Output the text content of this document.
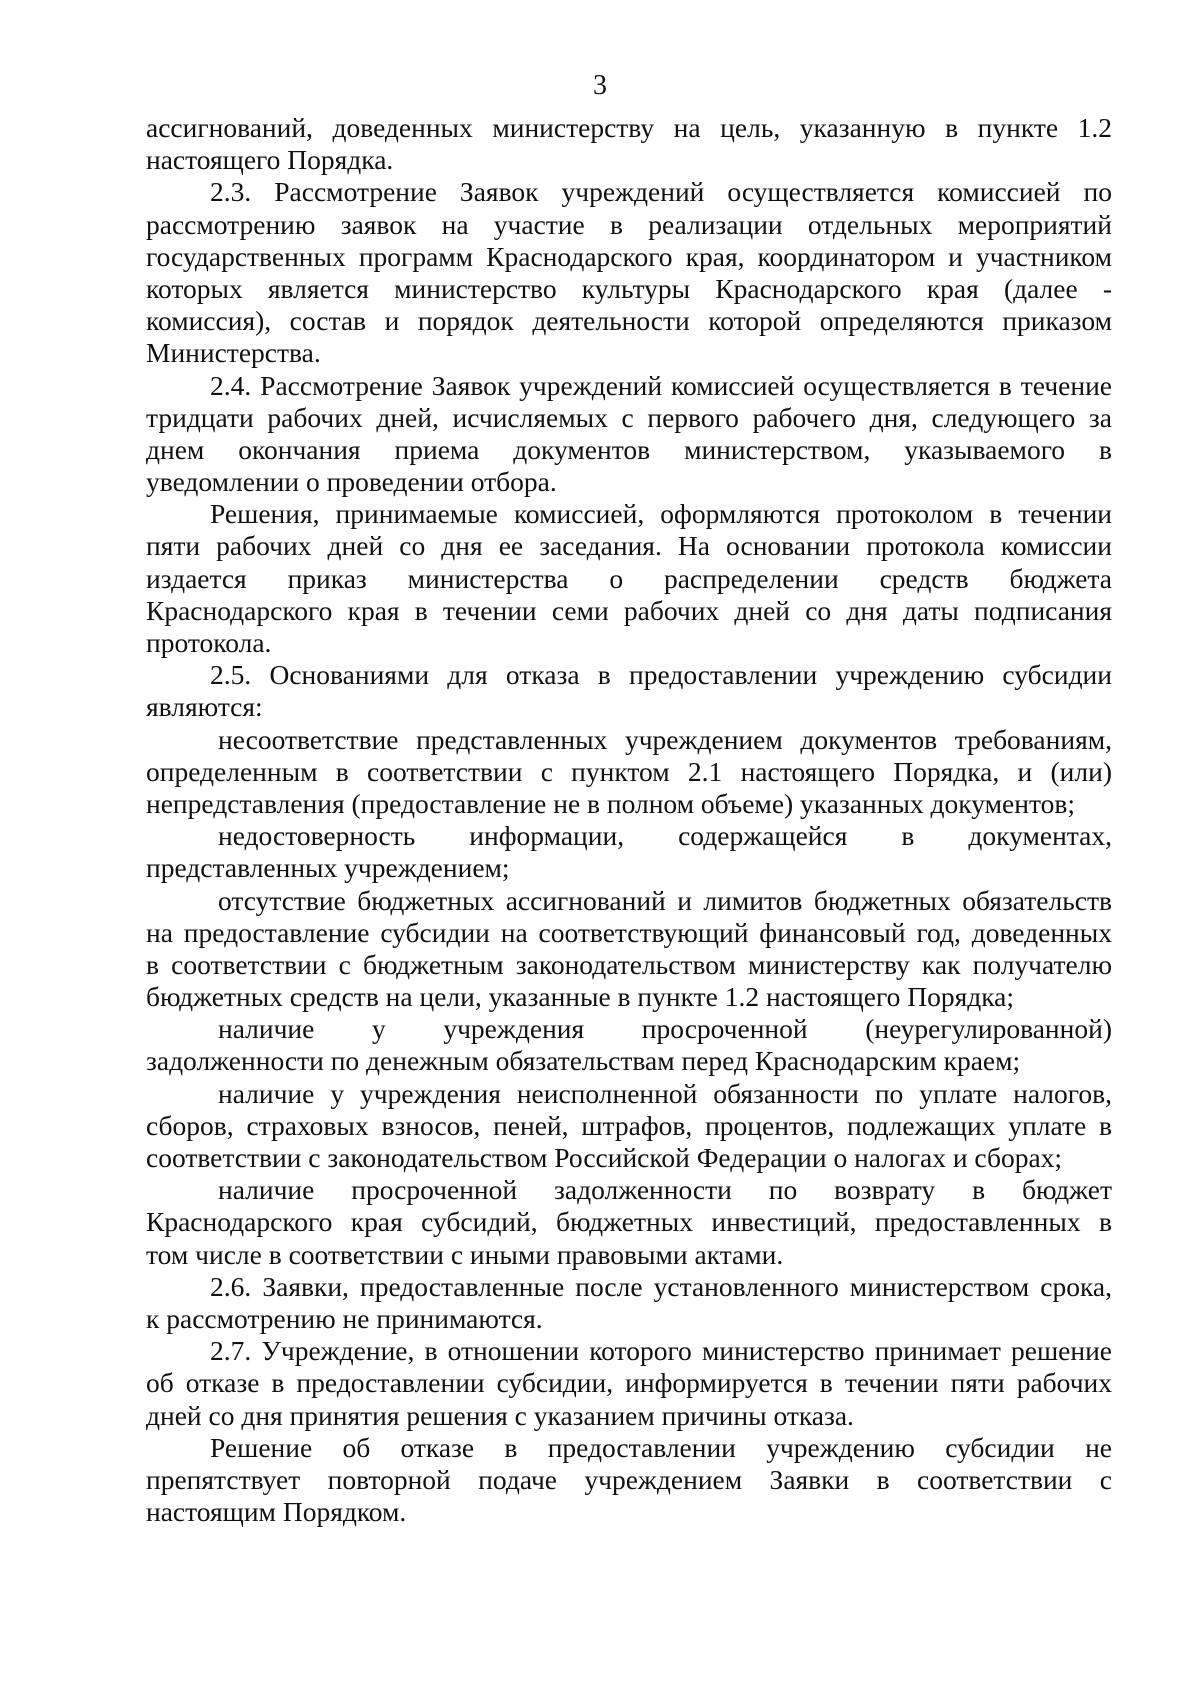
3
ассигнований, доведенных министерству на цель, указанную в пункте 1.2
настоящего Порядка.
2.3. Рассмотрение Заявок учреждений осуществляется комиссией по
рассмотрению заявок на участие в реализации отдельных мероприятий
государственных программ Краснодарского края, координатором и участником
которых является министерство культуры Краснодарского края (далее -
комиссия), состав и порядок деятельности которой определяются приказом
Министерства.
2.4. Рассмотрение Заявок учреждений комиссией осуществляется в течение
тридцати рабочих дней, исчисляемых с первого рабочего дня, следующего за
днем окончания приема документов министерством, указываемого в
уведомлении о проведении отбора.
Решения, принимаемые комиссией, оформляются протоколом в течении
пяти рабочих дней со дня ее заседания. На основании протокола комиссии
издается приказ министерства о распределении средств бюджета
Краснодарского края в течении семи рабочих дней со дня даты подписания
протокола.
2.5. Основаниями для отказа в предоставлении учреждению субсидии
являются:
несоответствие представленных учреждением документов требованиям,
определенным в соответствии с пунктом 2.1 настоящего Порядка, и (или)
непредставления (предоставление не в полном объеме) указанных документов;
недостоверность информации, содержащейся в документах,
представленных учреждением;
отсутствие бюджетных ассигнований и лимитов бюджетных обязательств
на предоставление субсидии на соответствующий финансовый год, доведенных
в соответствии с бюджетным законодательством министерству как получателю
бюджетных средств на цели, указанные в пункте 1.2 настоящего Порядка;
наличие у учреждения просроченной (неурегулированной)
задолженности по денежным обязательствам перед Краснодарским краем;
наличие у учреждения неисполненной обязанности по уплате налогов,
сборов, страховых взносов, пеней, штрафов, процентов, подлежащих уплате в
соответствии с законодательством Российской Федерации о налогах и сборах;
наличие просроченной задолженности по возврату в бюджет
Краснодарского края субсидий, бюджетных инвестиций, предоставленных в
том числе в соответствии с иными правовыми актами.
2.6. Заявки, предоставленные после установленного министерством срока,
к рассмотрению не принимаются.
2.7. Учреждение, в отношении которого министерство принимает решение
об отказе в предоставлении субсидии, информируется в течении пяти рабочих
дней со дня принятия решения с указанием причины отказа.
Решение об отказе в предоставлении учреждению субсидии не
препятствует повторной подаче учреждением Заявки в соответствии с
настоящим Порядком.
